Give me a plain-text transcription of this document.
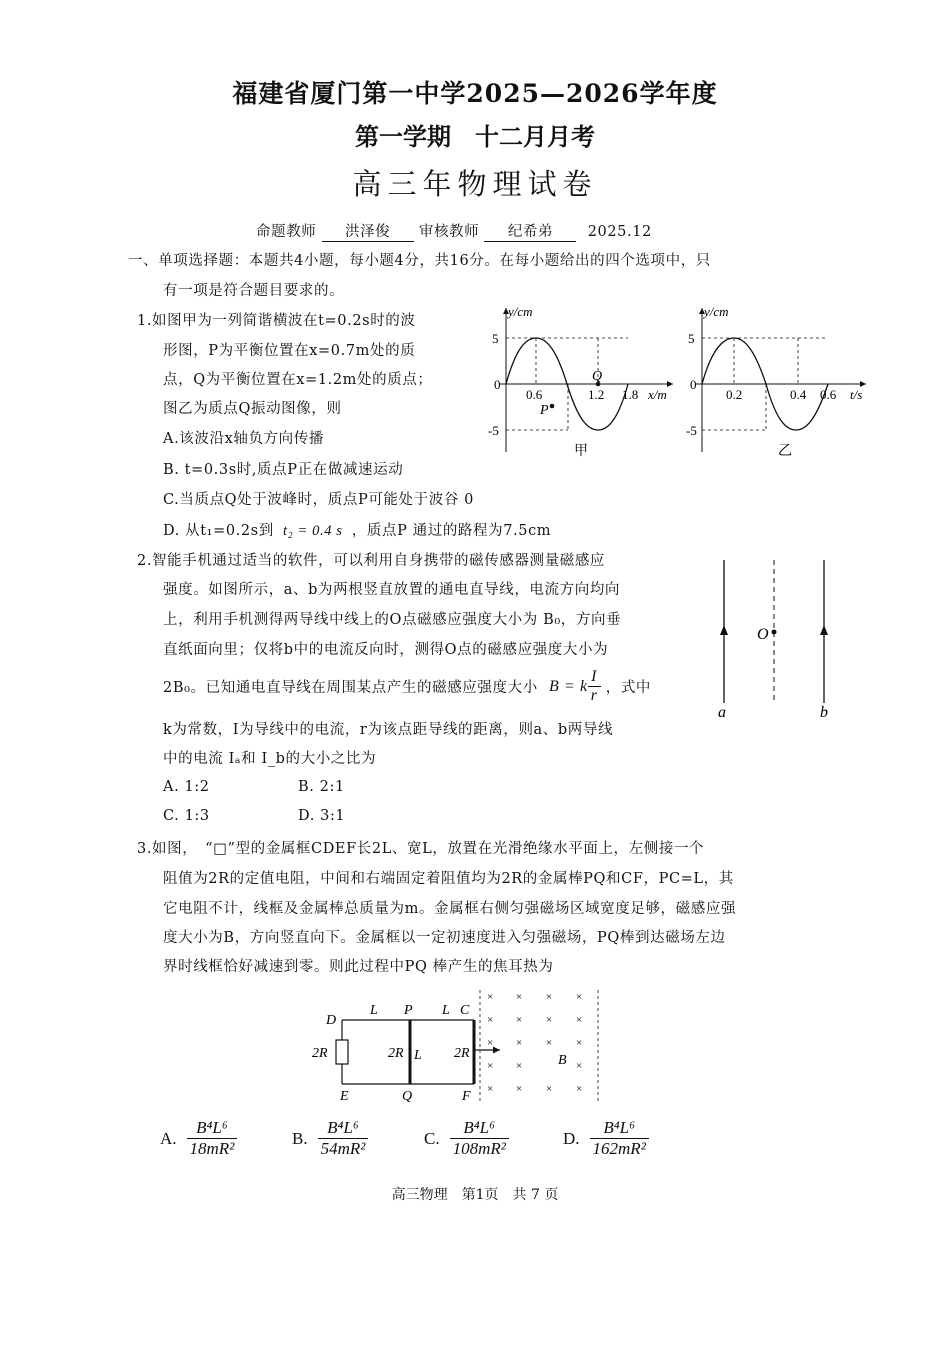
福建省厦门第一中学2025—2026学年度
第一学期　十二月月考
高三年物理试卷
命题教师 洪泽俊 审核教师 纪希弟 2025.12
一、单项选择题：本题共4小题，每小题4分，共16分。在每小题给出的四个选项中，只
有一项是符合题目要求的。
1.如图甲为一列简谐横波在t=0.2s时的波
形图，P为平衡位置在x=0.7m处的质
点，Q为平衡位置在x=1.2m处的质点；
图乙为质点Q振动图像，则
A.该波沿x轴负方向传播
B. t=0.3s时,质点P正在做减速运动
C.当质点Q处于波峰时，质点P可能处于波谷 0
D. 从t₁=0.2s到 t₂ = 0.4 s ，质点P 通过的路程为7.5cm
y/cm
5
0
-5
0.6	1.2 1.8 x/m
P
Q
甲
y/cm
5
0
-5
0.2	0.4 0.6 t/s
乙
2.智能手机通过适当的软件，可以利用自身携带的磁传感器测量磁感应
强度。如图所示，a、b为两根竖直放置的通电直导线，电流方向均向
上，利用手机测得两导线中线上的O点磁感应强度大小为 B₀，方向垂
直纸面向里；仅将b中的电流反向时，测得O点的磁感应强度大小为
2B₀。已知通电直导线在周围某点产生的磁感应强度大小 B = k $\frac{I}{r}$ ，式中
k为常数，I为导线中的电流，r为该点距导线的距离，则a、b两导线
中的电流 Iₐ和 I_b的大小之比为
A. 1:2	B. 2:1
C. 1:3	D. 3:1
O
a	b
3.如图，　“□”型的金属框CDEF长2L、宽L，放置在光滑绝缘水平面上，左侧接一个
阻值为2R的定值电阻，中间和右端固定着阻值均为2R的金属棒PQ和CF，PC=L，其
它电阻不计，线框及金属棒总质量为m。金属框右侧匀强磁场区域宽度足够，磁感应强
度大小为B，方向竖直向下。金属框以一定初速度进入匀强磁场，PQ棒到达磁场左边
界时线框恰好减速到零。则此过程中PQ 棒产生的焦耳热为
× × × ×
× × × ×
× × × ×
× ×	×
× × × ×
D
L P L C
2R	2R L 2R	B
E	Q	F
A. $\frac{\text{B⁴L⁶}}{\text{18mR²}}$	B. $\frac{\text{B⁴L⁶}}{\text{54mR²}}$	C. $\frac{\text{B⁴L⁶}}{\text{108mR²}}$	D. $\frac{\text{B⁴L⁶}}{\text{162mR²}}$
高三物理　第1页　共 7 页
